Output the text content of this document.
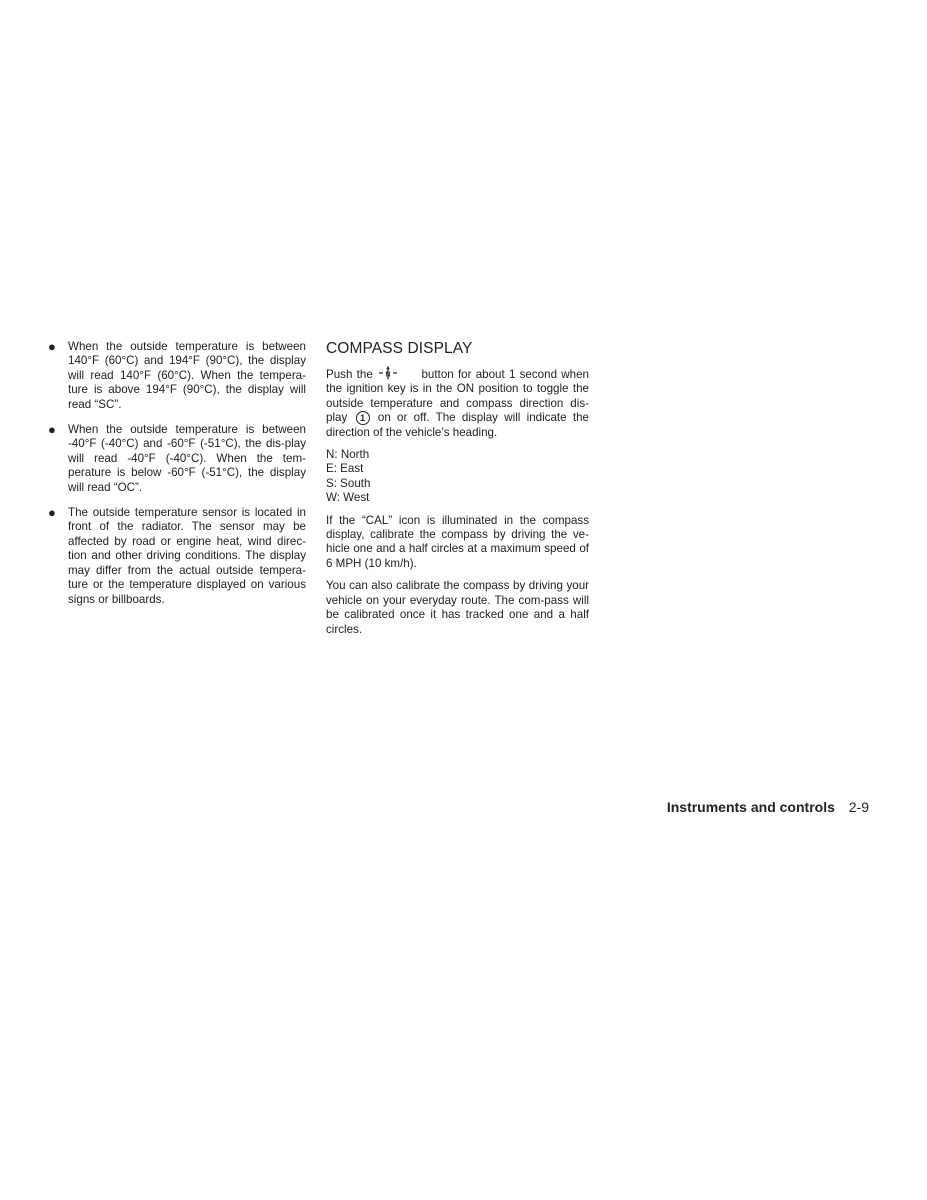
● When the outside temperature is between 140°F (60°C) and 194°F (90°C), the display will read 140°F (60°C). When the tempera-ture is above 194°F (90°C), the display will read “SC”.
● When the outside temperature is between -40°F (-40°C) and -60°F (-51°C), the dis-play will read -40°F (-40°C). When the tem-perature is below -60°F (-51°C), the display will read “OC”.
● The outside temperature sensor is located in front of the radiator. The sensor may be affected by road or engine heat, wind direc-tion and other driving conditions. The display may differ from the actual outside tempera-ture or the temperature displayed on various signs or billboards.
COMPASS DISPLAY
Push the N	button for about 1 second when the ignition key is in the ON position to toggle the outside temperature and compass direction dis-play 1 on or off. The display will indicate the direction of the vehicle’s heading.
N: North
E: East
S: South
W: West
If the “CAL” icon is illuminated in the compass display, calibrate the compass by driving the ve-hicle one and a half circles at a maximum speed of 6 MPH (10 km/h).
You can also calibrate the compass by driving your vehicle on your everyday route. The com-pass will be calibrated once it has tracked one and a half circles.
Instruments and controls 2-9
